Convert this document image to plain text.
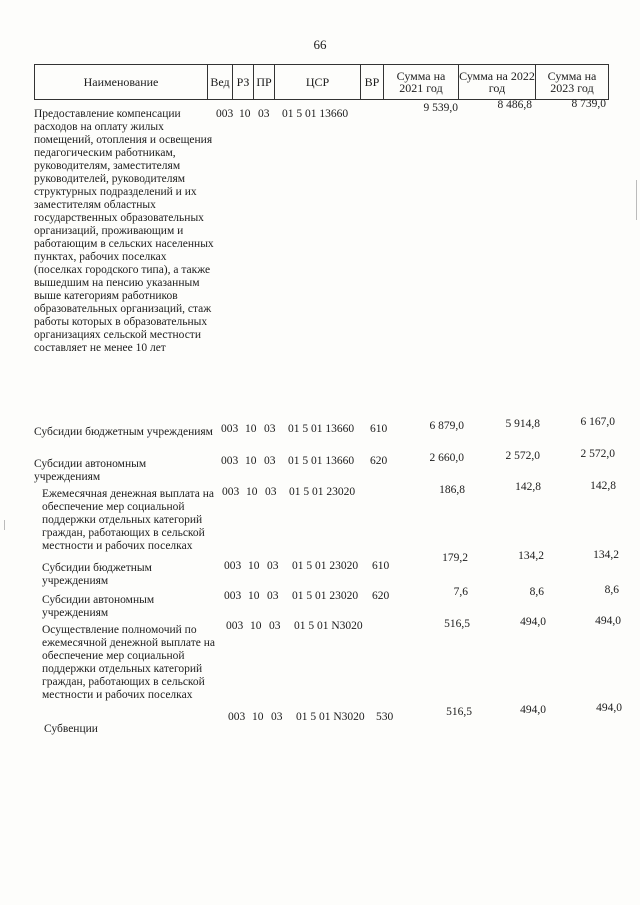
66
Наименование	Вед	РЗ	ПР	ЦСР	ВР	Сумма на 2021 год	Сумма на 2022 год	Сумма на 2023 год
Предоставление компенсации расходов на оплату жилых помещений, отопления и освещения педагогическим работникам, руководителям, заместителям руководителей, руководителям структурных подразделений и их заместителям областных государственных образовательных организаций, проживающим и работающим в сельских населенных пунктах, рабочих поселках (поселках городского типа), а также вышедшим на пенсию указанным выше категориям работников образовательных организаций, стаж работы которых в образовательных организациях сельской местности составляет не менее 10 лет
003 10 03 01 5 01 13660	9 539,0	8 486,8	8 739,0
Субсидии бюджетным учреждениям 003 10 03 01 5 01 13660 610	6 879,0	5 914,8	6 167,0
Субсидии автономным учреждениям
003 10 03 01 5 01 13660 620	2 660,0	2 572,0	2 572,0
Ежемесячная денежная выплата на обеспечение мер социальной поддержки отдельных категорий граждан, работающих в сельской местности и рабочих поселках
003 10 03 01 5 01 23020	186,8	142,8	142,8
Субсидии бюджетным учреждениям
003 10 03 01 5 01 23020 610
179,2	134,2	134,2
Субсидии автономным учреждениям
003 10 03 01 5 01 23020 620	7,6	8,6	8,6
Осуществление полномочий по ежемесячной денежной выплате на обеспечение мер социальной поддержки отдельных категорий граждан, работающих в сельской местности и рабочих поселках
003 10 03 01 5 01 N3020	516,5	494,0	494,0
Субвенции
003 10 03 01 5 01 N3020 530	516,5	494,0	494,0
